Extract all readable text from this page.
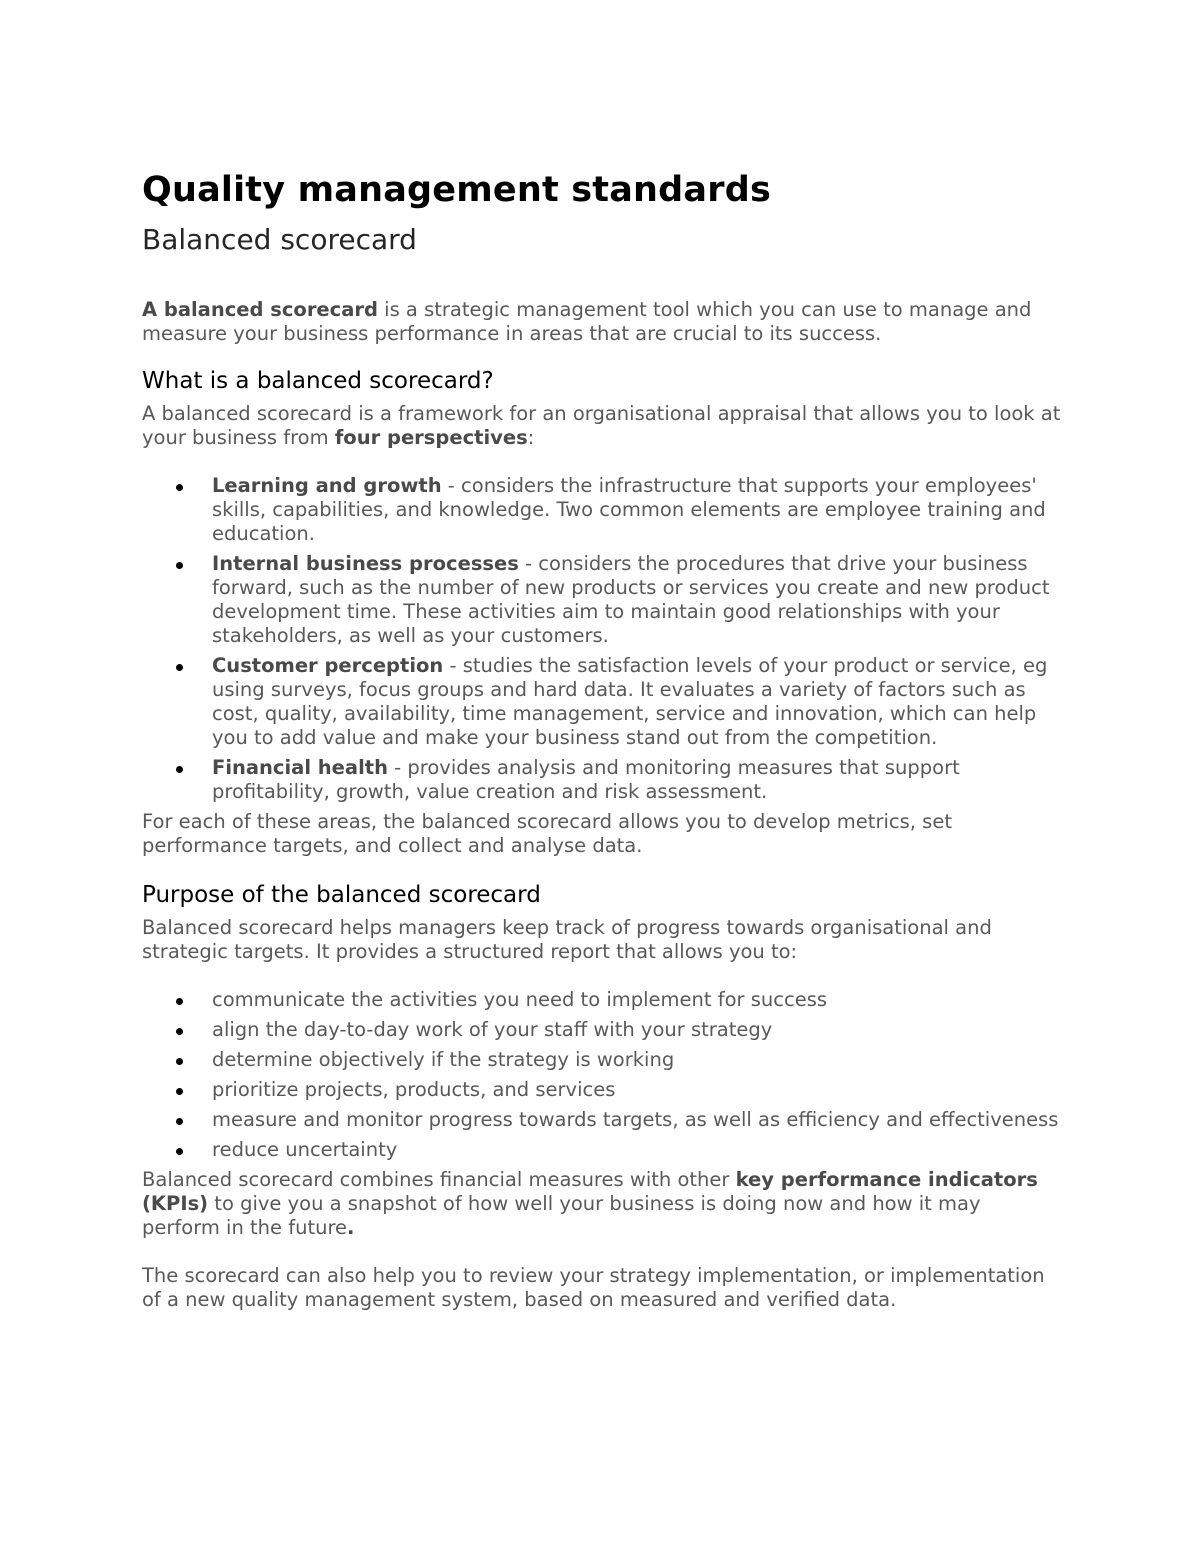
Quality management standards
Balanced scorecard

A balanced scorecard is a strategic management tool which you can use to manage and measure your business performance in areas that are crucial to its success.

What is a balanced scorecard?

A balanced scorecard is a framework for an organisational appraisal that allows you to look at your business from four perspectives:

Learning and growth - considers the infrastructure that supports your employees' skills, capabilities, and knowledge. Two common elements are employee training and education.
Internal business processes - considers the procedures that drive your business forward, such as the number of new products or services you create and new product development time. These activities aim to maintain good relationships with your stakeholders, as well as your customers.
Customer perception - studies the satisfaction levels of your product or service, eg using surveys, focus groups and hard data. It evaluates a variety of factors such as cost, quality, availability, time management, service and innovation, which can help you to add value and make your business stand out from the competition.
Financial health - provides analysis and monitoring measures that support profitability, growth, value creation and risk assessment.

For each of these areas, the balanced scorecard allows you to develop metrics, set performance targets, and collect and analyse data.

Purpose of the balanced scorecard

Balanced scorecard helps managers keep track of progress towards organisational and strategic targets. It provides a structured report that allows you to:

communicate the activities you need to implement for success
align the day-to-day work of your staff with your strategy
determine objectively if the strategy is working
prioritize projects, products, and services
measure and monitor progress towards targets, as well as efficiency and effectiveness
reduce uncertainty

Balanced scorecard combines financial measures with other key performance indicators (KPIs) to give you a snapshot of how well your business is doing now and how it may perform in the future.

The scorecard can also help you to review your strategy implementation, or implementation of a new quality management system, based on measured and verified data.
